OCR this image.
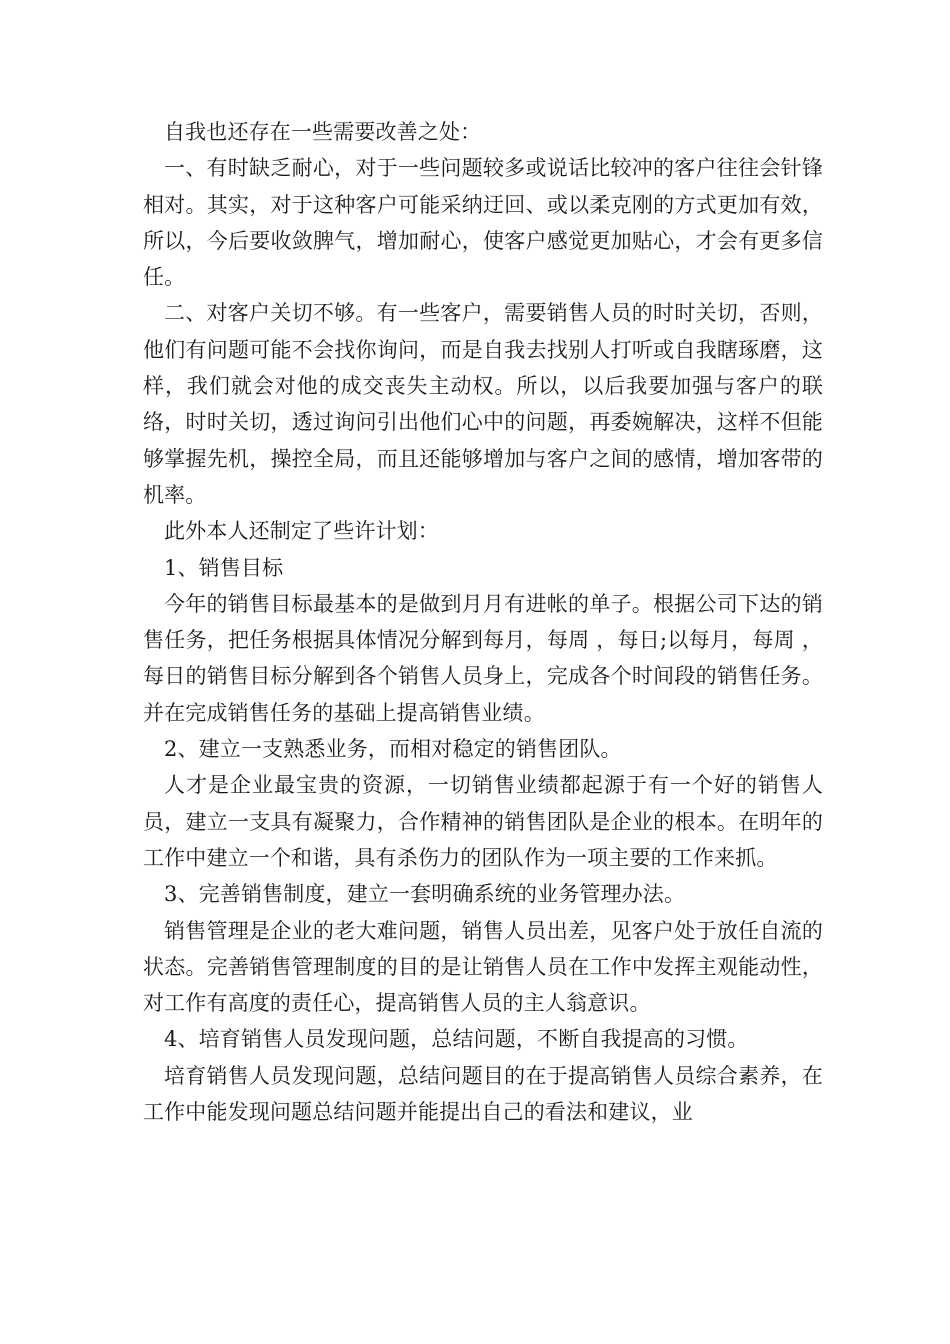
自我也还存在一些需要改善之处：

一、有时缺乏耐心，对于一些问题较多或说话比较冲的客户往往会针锋相对。其实，对于这种客户可能采纳迂回、或以柔克刚的方式更加有效，所以，今后要收敛脾气，增加耐心，使客户感觉更加贴心，才会有更多信任。

二、对客户关切不够。有一些客户，需要销售人员的时时关切，否则，他们有问题可能不会找你询问，而是自我去找别人打听或自我瞎琢磨，这样，我们就会对他的成交丧失主动权。所以，以后我要加强与客户的联络，时时关切，透过询问引出他们心中的问题，再委婉解决，这样不但能够掌握先机，操控全局，而且还能够增加与客户之间的感情，增加客带的机率。

此外本人还制定了些许计划：

1、销售目标

今年的销售目标最基本的是做到月月有进帐的单子。根据公司下达的销售任务，把任务根据具体情况分解到每月，每周 ，每日;以每月，每周 ，每日的销售目标分解到各个销售人员身上，完成各个时间段的销售任务。并在完成销售任务的基础上提高销售业绩。

2、建立一支熟悉业务，而相对稳定的销售团队。

人才是企业最宝贵的资源，一切销售业绩都起源于有一个好的销售人员，建立一支具有凝聚力，合作精神的销售团队是企业的根本。在明年的工作中建立一个和谐，具有杀伤力的团队作为一项主要的工作来抓。

3、完善销售制度，建立一套明确系统的业务管理办法。

销售管理是企业的老大难问题，销售人员出差，见客户处于放任自流的状态。完善销售管理制度的目的是让销售人员在工作中发挥主观能动性，对工作有高度的责任心，提高销售人员的主人翁意识。

4、培育销售人员发现问题，总结问题，不断自我提高的习惯。

培育销售人员发现问题，总结问题目的在于提高销售人员综合素养，在工作中能发现问题总结问题并能提出自己的看法和建议，业
